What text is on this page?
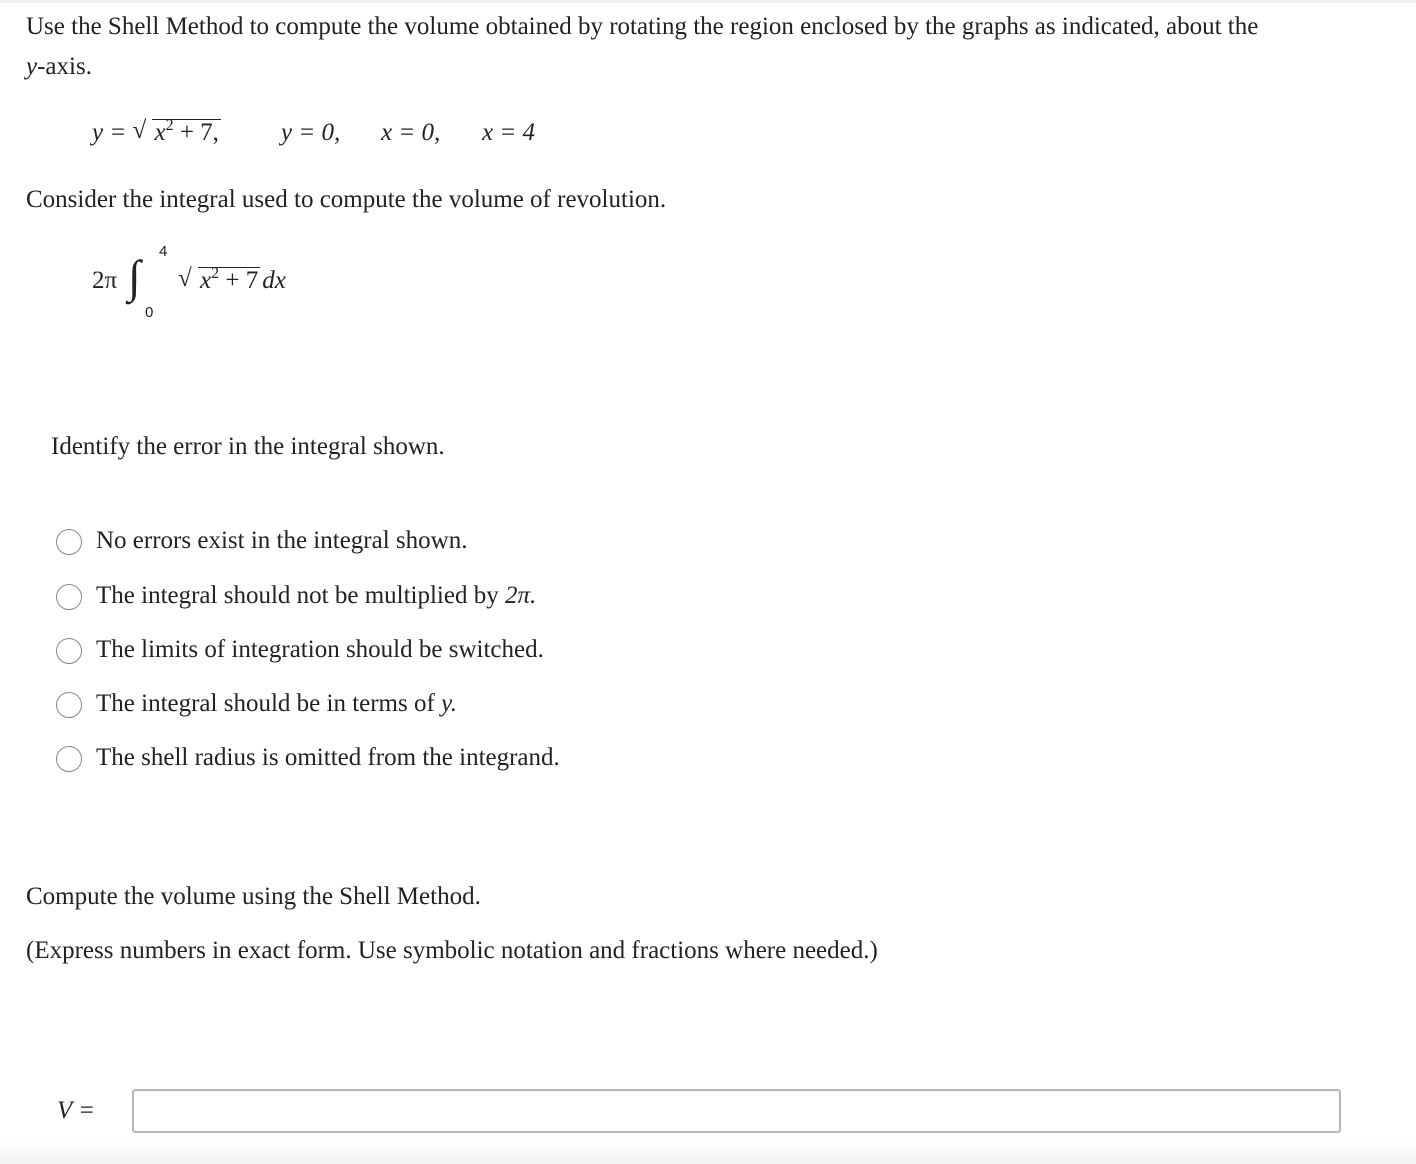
Use the Shell Method to compute the volume obtained by rotating the region enclosed by the graphs as indicated, about the
y-axis.
y = √ $x^2 + 7$, y = 0, x = 0, x = 4
Consider the integral used to compute the volume of revolution.
2π ∫ 4
0
√ $x^2 + 7$ dx
Identify the error in the integral shown.
No errors exist in the integral shown.
The integral should not be multiplied by 2π.
The limits of integration should be switched.
The integral should be in terms of y.
The shell radius is omitted from the integrand.
Compute the volume using the Shell Method.
(Express numbers in exact form. Use symbolic notation and fractions where needed.)
V =
